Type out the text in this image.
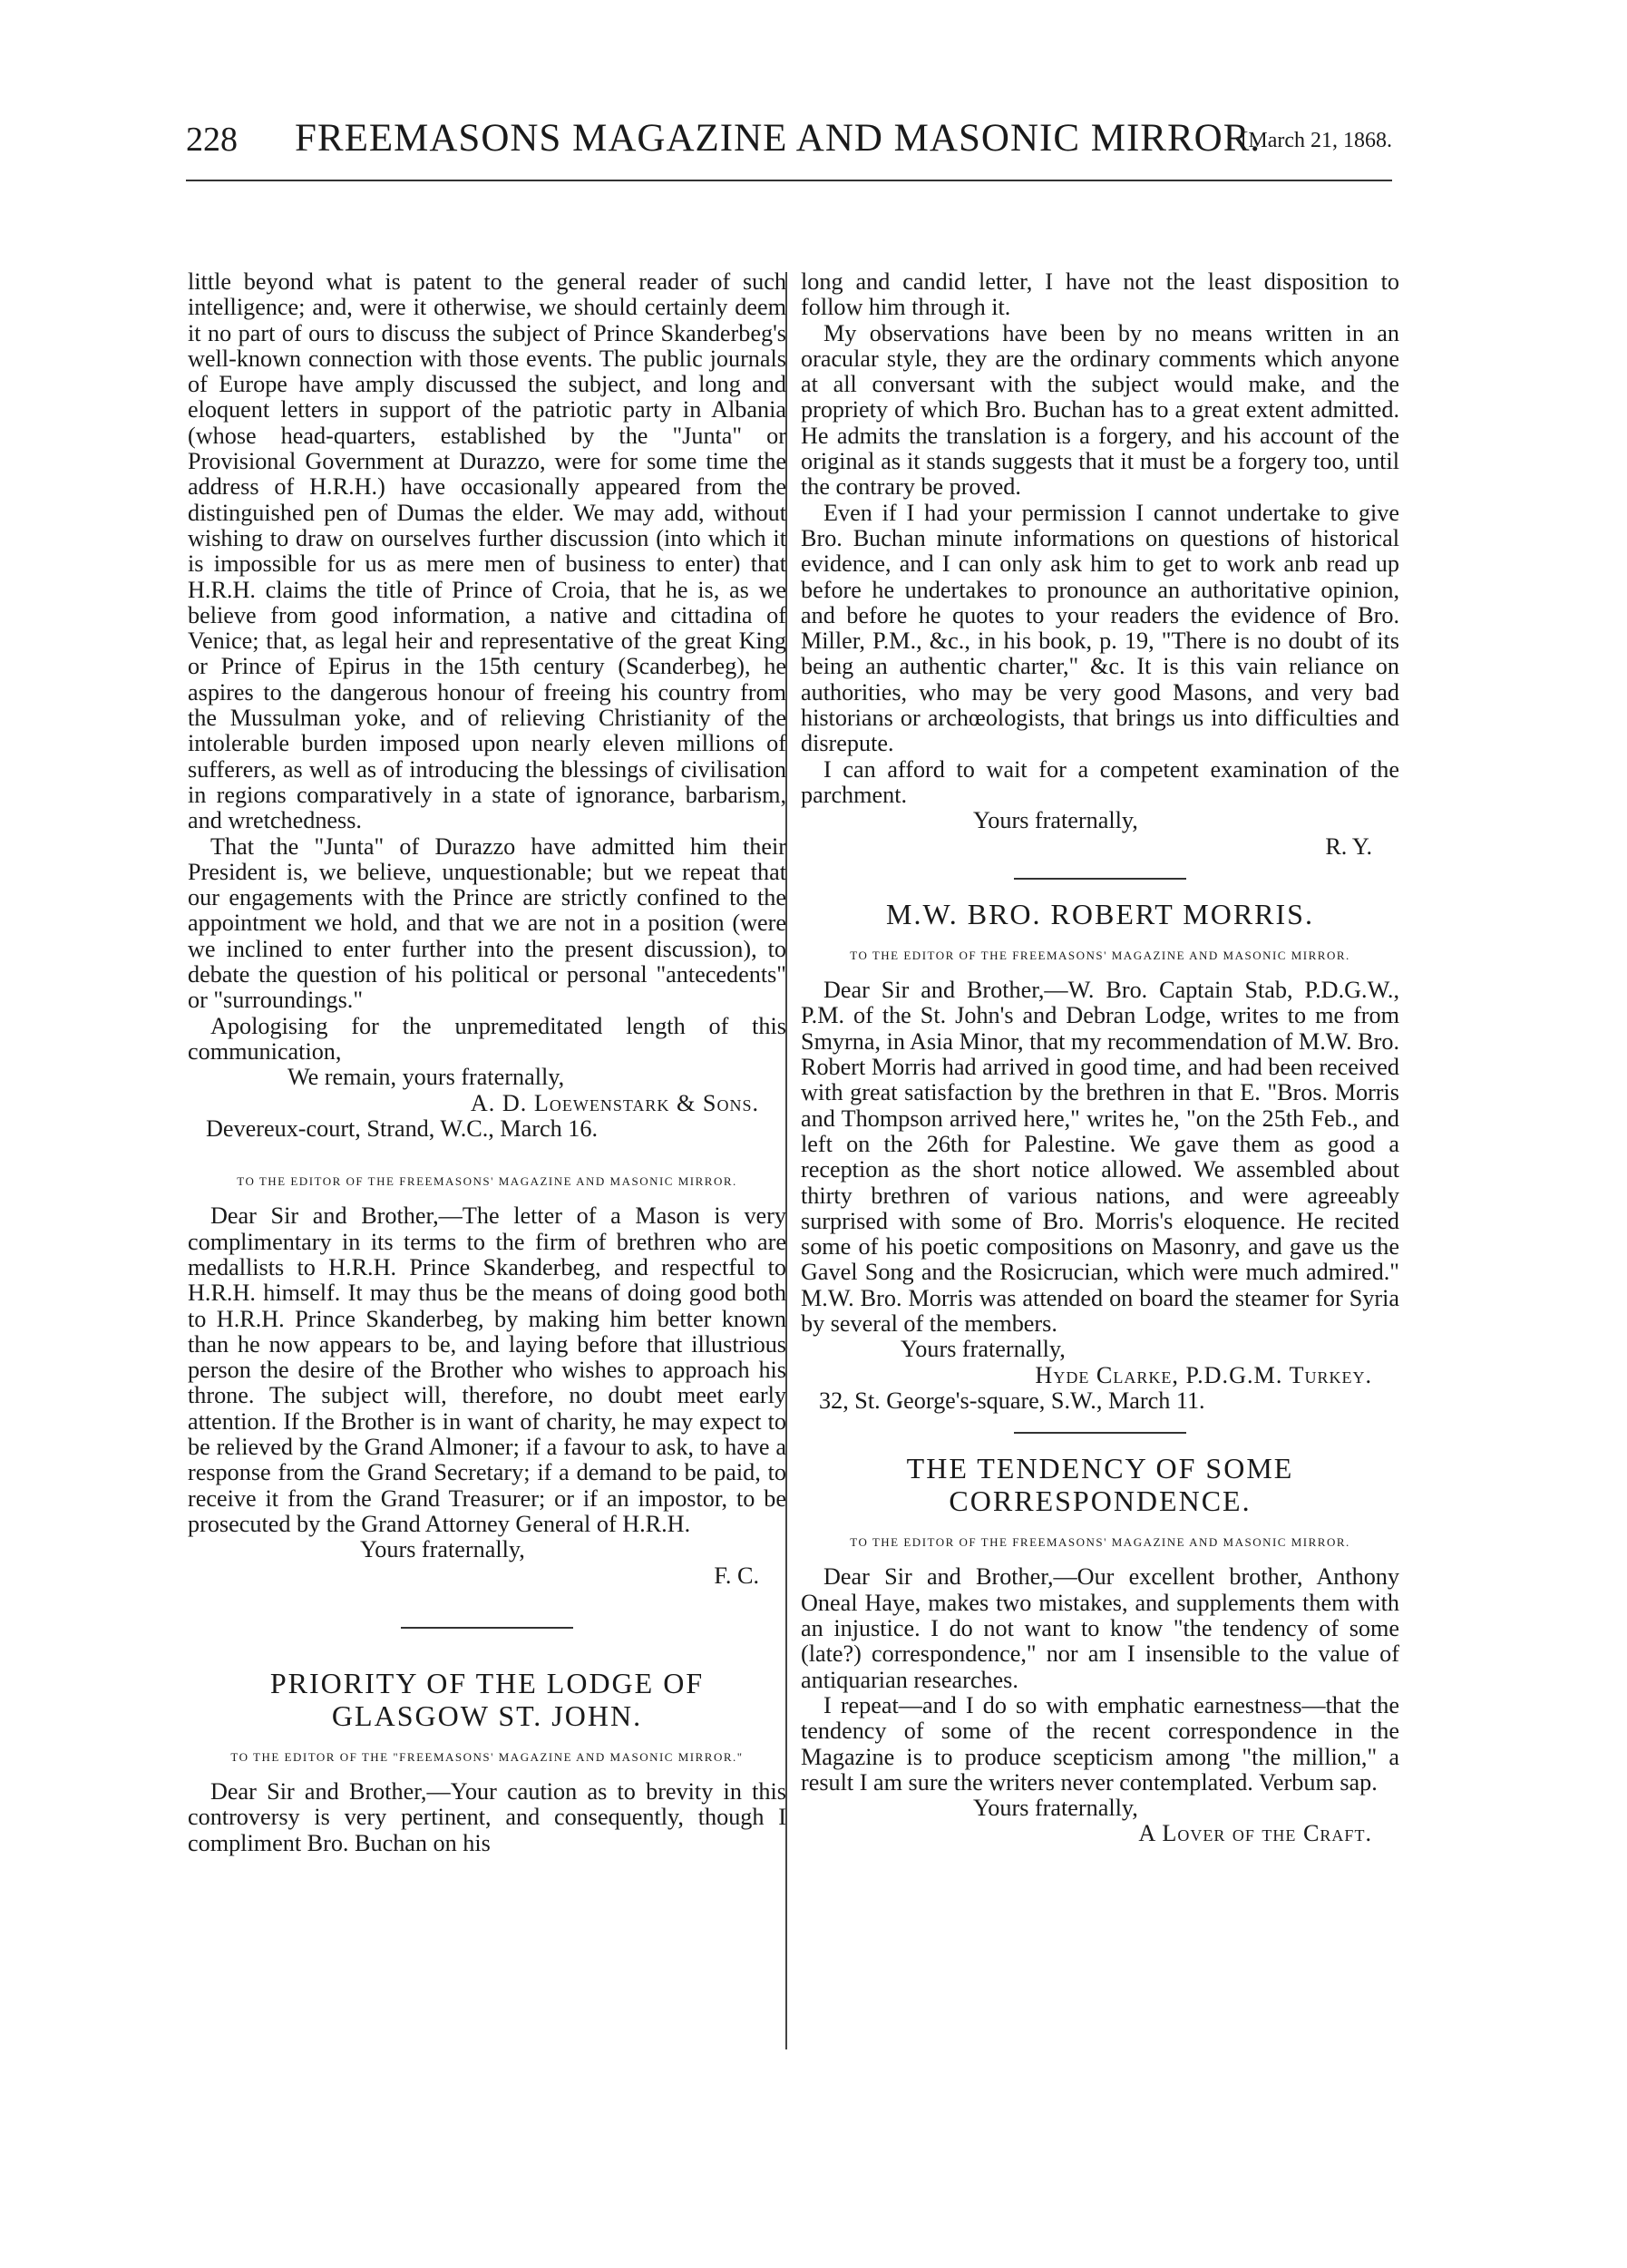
228 FREEMASONS MAGAZINE AND MASONIC MIRROR.
[March 21, 1868.

little beyond what is patent to the general reader of such intelligence; and, were it otherwise, we should certainly deem it no part of ours to discuss the subject of Prince Skanderbeg's well-known connection with those events. The public journals of Europe have amply discussed the subject, and long and eloquent letters in support of the patriotic party in Albania (whose head-quarters, established by the "Junta" or Provisional Government at Durazzo, were for some time the address of H.R.H.) have occasionally appeared from the distinguished pen of Dumas the elder. We may add, without wishing to draw on ourselves further discussion (into which it is impossible for us as mere men of business to enter) that H.R.H. claims the title of Prince of Croia, that he is, as we believe from good information, a native and cittadina of Venice; that, as legal heir and representative of the great King or Prince of Epirus in the 15th century (Scanderbeg), he aspires to the dangerous honour of freeing his country from the Mussulman yoke, and of relieving Christianity of the intolerable burden imposed upon nearly eleven millions of sufferers, as well as of introducing the blessings of civilisation in regions comparatively in a state of ignorance, barbarism, and wretchedness.

That the "Junta" of Durazzo have admitted him their President is, we believe, unquestionable; but we repeat that our engagements with the Prince are strictly confined to the appointment we hold, and that we are not in a position (were we inclined to enter further into the present discussion), to debate the question of his political or personal "antecedents" or "surroundings."

Apologising for the unpremeditated length of this communication,

We remain, yours fraternally,

A. D. Loewenstark & Sons.

Devereux-court, Strand, W.C., March 16.

TO THE EDITOR OF THE FREEMASONS' MAGAZINE AND MASONIC MIRROR.

Dear Sir and Brother,—The letter of a Mason is very complimentary in its terms to the firm of brethren who are medallists to H.R.H. Prince Skanderbeg, and respectful to H.R.H. himself. It may thus be the means of doing good both to H.R.H. Prince Skanderbeg, by making him better known than he now appears to be, and laying before that illustrious person the desire of the Brother who wishes to approach his throne. The subject will, therefore, no doubt meet early attention. If the Brother is in want of charity, he may expect to be relieved by the Grand Almoner; if a favour to ask, to have a response from the Grand Secretary; if a demand to be paid, to receive it from the Grand Treasurer; or if an impostor, to be prosecuted by the Grand Attorney General of H.R.H.

Yours fraternally,

F. C.

PRIORITY OF THE LODGE OF GLASGOW ST. JOHN.

TO THE EDITOR OF THE "FREEMASONS' MAGAZINE AND MASONIC MIRROR."

Dear Sir and Brother,—Your caution as to brevity in this controversy is very pertinent, and consequently, though I compliment Bro. Buchan on his

long and candid letter, I have not the least disposition to follow him through it.

My observations have been by no means written in an oracular style, they are the ordinary comments which anyone at all conversant with the subject would make, and the propriety of which Bro. Buchan has to a great extent admitted. He admits the translation is a forgery, and his account of the original as it stands suggests that it must be a forgery too, until the contrary be proved.

Even if I had your permission I cannot undertake to give Bro. Buchan minute informations on questions of historical evidence, and I can only ask him to get to work anb read up before he undertakes to pronounce an authoritative opinion, and before he quotes to your readers the evidence of Bro. Miller, P.M., &c., in his book, p. 19, "There is no doubt of its being an authentic charter," &c. It is this vain reliance on authorities, who may be very good Masons, and very bad historians or archœologists, that brings us into difficulties and disrepute.

I can afford to wait for a competent examination of the parchment.

Yours fraternally,

R. Y.

M.W. BRO. ROBERT MORRIS.

TO THE EDITOR OF THE FREEMASONS' MAGAZINE AND MASONIC MIRROR.

Dear Sir and Brother,—W. Bro. Captain Stab, P.D.G.W., P.M. of the St. John's and Debran Lodge, writes to me from Smyrna, in Asia Minor, that my recommendation of M.W. Bro. Robert Morris had arrived in good time, and had been received with great satisfaction by the brethren in that E. "Bros. Morris and Thompson arrived here," writes he, "on the 25th Feb., and left on the 26th for Palestine. We gave them as good a reception as the short notice allowed. We assembled about thirty brethren of various nations, and were agreeably surprised with some of Bro. Morris's eloquence. He recited some of his poetic compositions on Masonry, and gave us the Gavel Song and the Rosicrucian, which were much admired." M.W. Bro. Morris was attended on board the steamer for Syria by several of the members.

Yours fraternally,

Hyde Clarke, P.D.G.M. Turkey.

32, St. George's-square, S.W., March 11.

THE TENDENCY OF SOME CORRESPONDENCE.

TO THE EDITOR OF THE FREEMASONS' MAGAZINE AND MASONIC MIRROR.

Dear Sir and Brother,—Our excellent brother, Anthony Oneal Haye, makes two mistakes, and supplements them with an injustice. I do not want to know "the tendency of some (late?) correspondence," nor am I insensible to the value of antiquarian researches.

I repeat—and I do so with emphatic earnestness—that the tendency of some of the recent correspondence in the Magazine is to produce scepticism among "the million," a result I am sure the writers never contemplated. Verbum sap.

Yours fraternally,

A Lover of the Craft.
